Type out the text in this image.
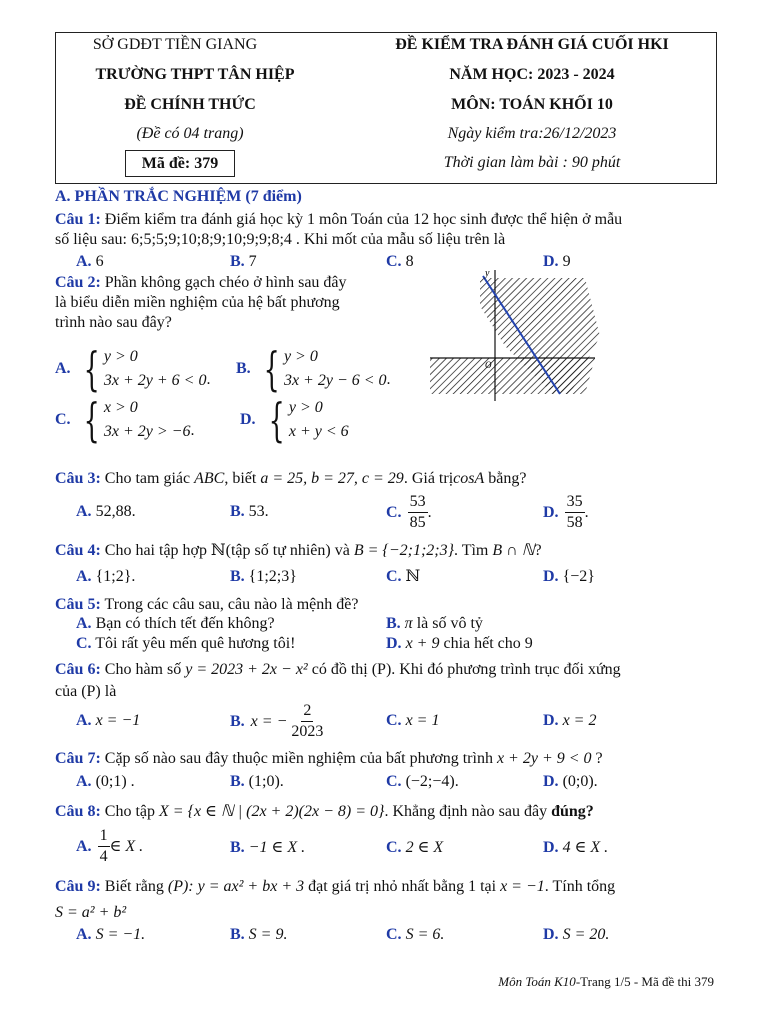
SỞ GDĐT TIỀN GIANG
TRƯỜNG THPT TÂN HIỆP
ĐỀ CHÍNH THỨC
(Đề có 04 trang)
Mã đề: 379
ĐỀ KIỂM TRA ĐÁNH GIÁ CUỐI HKI
NĂM HỌC: 2023 - 2024
MÔN: TOÁN KHỐI 10
Ngày kiểm tra:26/12/2023
Thời gian làm bài : 90 phút
A. PHẦN TRẮC NGHIỆM (7 điểm)
Câu 1: Điểm kiểm tra đánh giá học kỳ 1 môn Toán của 12 học sinh được thể hiện ở mẫu
số liệu sau: 6;5;5;9;10;8;9;10;9;9;8;4 . Khi mốt của mẫu số liệu trên là
A. 6	B. 7	C. 8	D. 9
Câu 2: Phần không gạch chéo ở hình sau đây
là biểu diễn miền nghiệm của hệ bất phương
trình nào sau đây?
y
O
A. { y > 0
3x + 2y + 6 < 0 .
B. { y > 0
3x + 2y − 6 < 0 .
C. { x > 0
3x + 2y > −6 .
D. { y > 0
x + y < 6
Câu 3: Cho tam giác ABC, biết a = 25, b = 27, c = 29. Giá trịcosA bằng?
A. 52,88.	B. 53.	C. $\frac{53}{85}$ .	D. $\frac{35}{58}$ .
Câu 4: Cho hai tập hợp ℕ(tập số tự nhiên) và B = {−2;1;2;3}. Tìm B ∩ ℕ?
A. {1;2}.	B. {1;2;3}	C. ℕ	D. {−2}
Câu 5: Trong các câu sau, câu nào là mệnh đề?
A. Bạn có thích tết đến không?	B. π là số vô tỷ
C. Tôi rất yêu mến quê hương tôi!	D. x + 9 chia hết cho 9
Câu 6: Cho hàm số y = 2023 + 2x − x² có đồ thị (P). Khi đó phương trình trục đối xứng
của (P) là
A. x = −1	B. x = − $\frac{2}{2023}$	C. x = 1	D. x = 2
Câu 7: Cặp số nào sau đây thuộc miền nghiệm của bất phương trình x + 2y + 9 < 0 ?
A. (0;1) .	B. (1;0).	C. (−2;−4).	D. (0;0).
Câu 8: Cho tập X = {x ∈ ℕ | (2x + 2)(2x − 8) = 0}. Khẳng định nào sau đây đúng?
A. $\frac{1}{4}$ ∈ X .	B. −1 ∈ X .	C. 2 ∈ X	D. 4 ∈ X .
Câu 9: Biết rằng (P): y = ax² + bx + 3 đạt giá trị nhỏ nhất bằng 1 tại x = −1. Tính tổng
S = a² + b²
A. S = −1.	B. S = 9.	C. S = 6.	D. S = 20.
Môn Toán K10-Trang 1/5 - Mã đề thi 379
